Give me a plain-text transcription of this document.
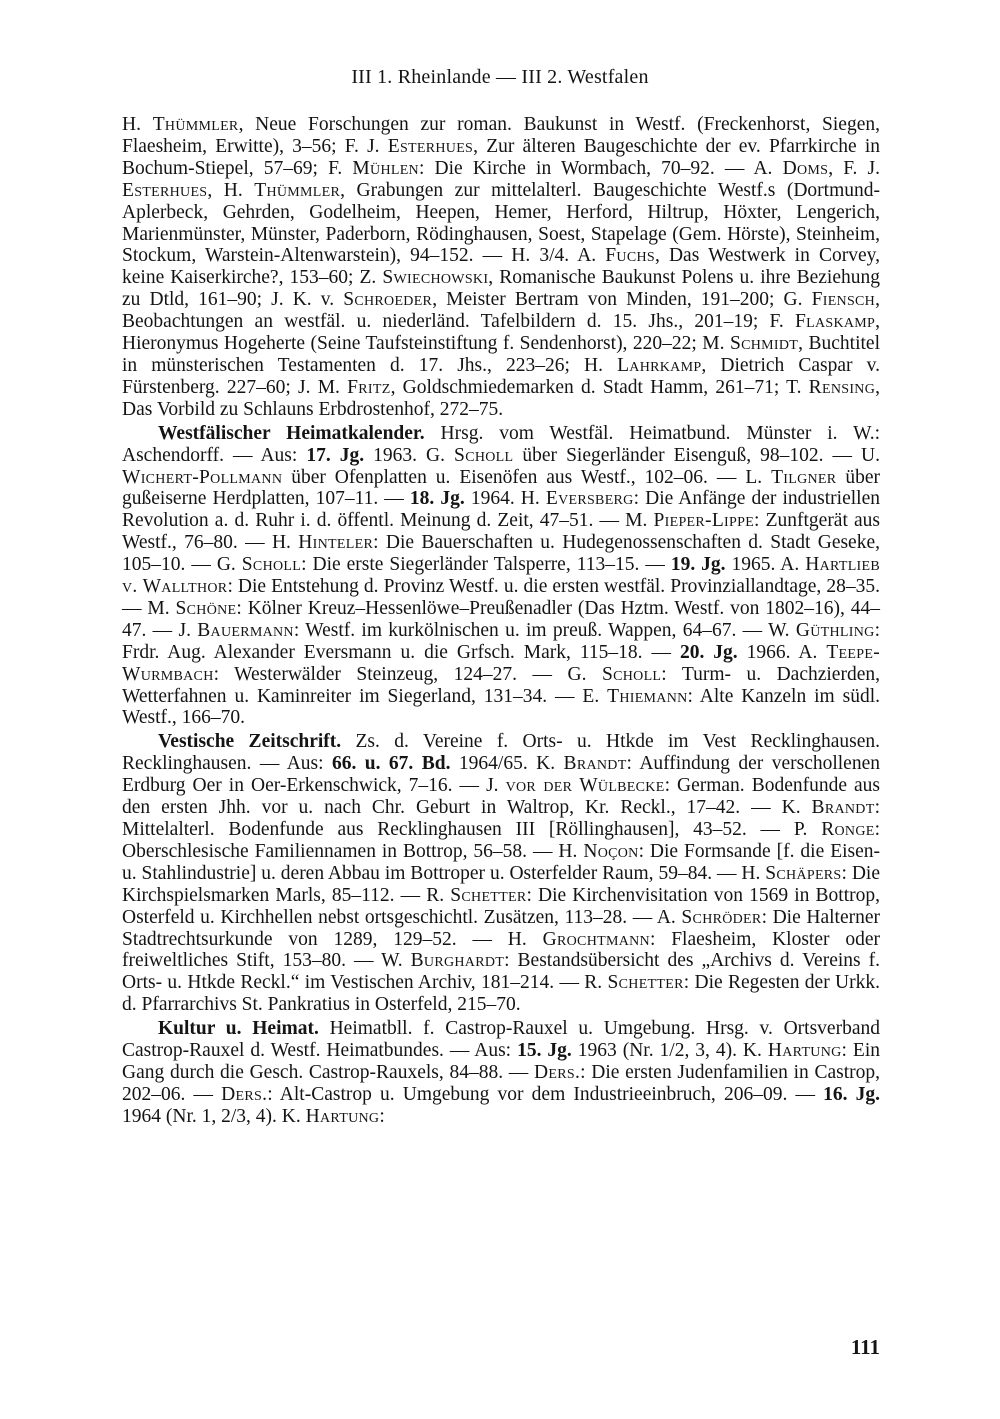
III 1. Rheinlande — III 2. Westfalen

H. Thümmler, Neue Forschungen zur roman. Baukunst in Westf. (Freckenhorst, Siegen, Flaesheim, Erwitte), 3–56; F. J. Esterhues, Zur älteren Baugeschichte der ev. Pfarrkirche in Bochum-Stiepel, 57–69; F. Mühlen: Die Kirche in Wormbach, 70–92. — A. Doms, F. J. Esterhues, H. Thümmler, Grabungen zur mittelalterl. Baugeschichte Westf.s (Dortmund-Aplerbeck, Gehrden, Godelheim, Heepen, Hemer, Herford, Hiltrup, Höxter, Lengerich, Marienmünster, Münster, Paderborn, Rödinghausen, Soest, Stapelage (Gem. Hörste), Steinheim, Stockum, Warstein-Altenwarstein), 94–152. — H. 3/4. A. Fuchs, Das Westwerk in Corvey, keine Kaiserkirche?, 153–60; Z. Swiechowski, Romanische Baukunst Polens u. ihre Beziehung zu Dtld, 161–90; J. K. v. Schroeder, Meister Bertram von Minden, 191–200; G. Fiensch, Beobachtungen an westfäl. u. niederländ. Tafelbildern d. 15. Jhs., 201–19; F. Flaskamp, Hieronymus Hogeherte (Seine Taufsteinstiftung f. Sendenhorst), 220–22; M. Schmidt, Buchtitel in münsterischen Testamenten d. 17. Jhs., 223–26; H. Lahrkamp, Dietrich Caspar v. Fürstenberg. 227–60; J. M. Fritz, Goldschmiedemarken d. Stadt Hamm, 261–71; T. Rensing, Das Vorbild zu Schlauns Erbdrostenhof, 272–75.

Westfälischer Heimatkalender. Hrsg. vom Westfäl. Heimatbund. Münster i. W.: Aschendorff. — Aus: 17. Jg. 1963. G. Scholl über Siegerländer Eisenguß, 98–102. — U. Wichert-Pollmann über Ofenplatten u. Eisenöfen aus Westf., 102–06. — L. Tilgner über gußeiserne Herdplatten, 107–11. — 18. Jg. 1964. H. Eversberg: Die Anfänge der industriellen Revolution a. d. Ruhr i. d. öffentl. Meinung d. Zeit, 47–51. — M. Pieper-Lippe: Zunftgerät aus Westf., 76–80. — H. Hinteler: Die Bauerschaften u. Hudegenossenschaften d. Stadt Geseke, 105–10. — G. Scholl: Die erste Siegerländer Talsperre, 113–15. — 19. Jg. 1965. A. Hartlieb v. Wallthor: Die Entstehung d. Provinz Westf. u. die ersten westfäl. Provinziallandtage, 28–35. — M. Schöne: Kölner Kreuz–Hessenlöwe–Preußenadler (Das Hztm. Westf. von 1802–16), 44–47. — J. Bauermann: Westf. im kurkölnischen u. im preuß. Wappen, 64–67. — W. Güthling: Frdr. Aug. Alexander Eversmann u. die Grfsch. Mark, 115–18. — 20. Jg. 1966. A. Teepe-Wurmbach: Westerwälder Steinzeug, 124–27. — G. Scholl: Turm- u. Dachzierden, Wetterfahnen u. Kaminreiter im Siegerland, 131–34. — E. Thiemann: Alte Kanzeln im südl. Westf., 166–70.

Vestische Zeitschrift. Zs. d. Vereine f. Orts- u. Htkde im Vest Recklinghausen. Recklinghausen. — Aus: 66. u. 67. Bd. 1964/65. K. Brandt: Auffindung der verschollenen Erdburg Oer in Oer-Erkenschwick, 7–16. — J. vor der Wülbecke: German. Bodenfunde aus den ersten Jhh. vor u. nach Chr. Geburt in Waltrop, Kr. Reckl., 17–42. — K. Brandt: Mittelalterl. Bodenfunde aus Recklinghausen III [Röllinghausen], 43–52. — P. Ronge: Oberschlesische Familiennamen in Bottrop, 56–58. — H. Noçon: Die Formsande [f. die Eisen- u. Stahlindustrie] u. deren Abbau im Bottroper u. Osterfelder Raum, 59–84. — H. Schäpers: Die Kirchspielsmarken Marls, 85–112. — R. Schetter: Die Kirchenvisitation von 1569 in Bottrop, Osterfeld u. Kirchhellen nebst ortsgeschichtl. Zusätzen, 113–28. — A. Schröder: Die Halterner Stadtrechtsurkunde von 1289, 129–52. — H. Grochtmann: Flaesheim, Kloster oder freiweltliches Stift, 153–80. — W. Burghardt: Bestandsübersicht des „Archivs d. Vereins f. Orts- u. Htkde Reckl.“ im Vestischen Archiv, 181–214. — R. Schetter: Die Regesten der Urkk. d. Pfarrarchivs St. Pankratius in Osterfeld, 215–70.

Kultur u. Heimat. Heimatbll. f. Castrop-Rauxel u. Umgebung. Hrsg. v. Ortsverband Castrop-Rauxel d. Westf. Heimatbundes. — Aus: 15. Jg. 1963 (Nr. 1/2, 3, 4). K. Hartung: Ein Gang durch die Gesch. Castrop-Rauxels, 84–88. — Ders.: Die ersten Judenfamilien in Castrop, 202–06. — Ders.: Alt-Castrop u. Umgebung vor dem Industrieeinbruch, 206–09. — 16. Jg. 1964 (Nr. 1, 2/3, 4). K. Hartung:

111
